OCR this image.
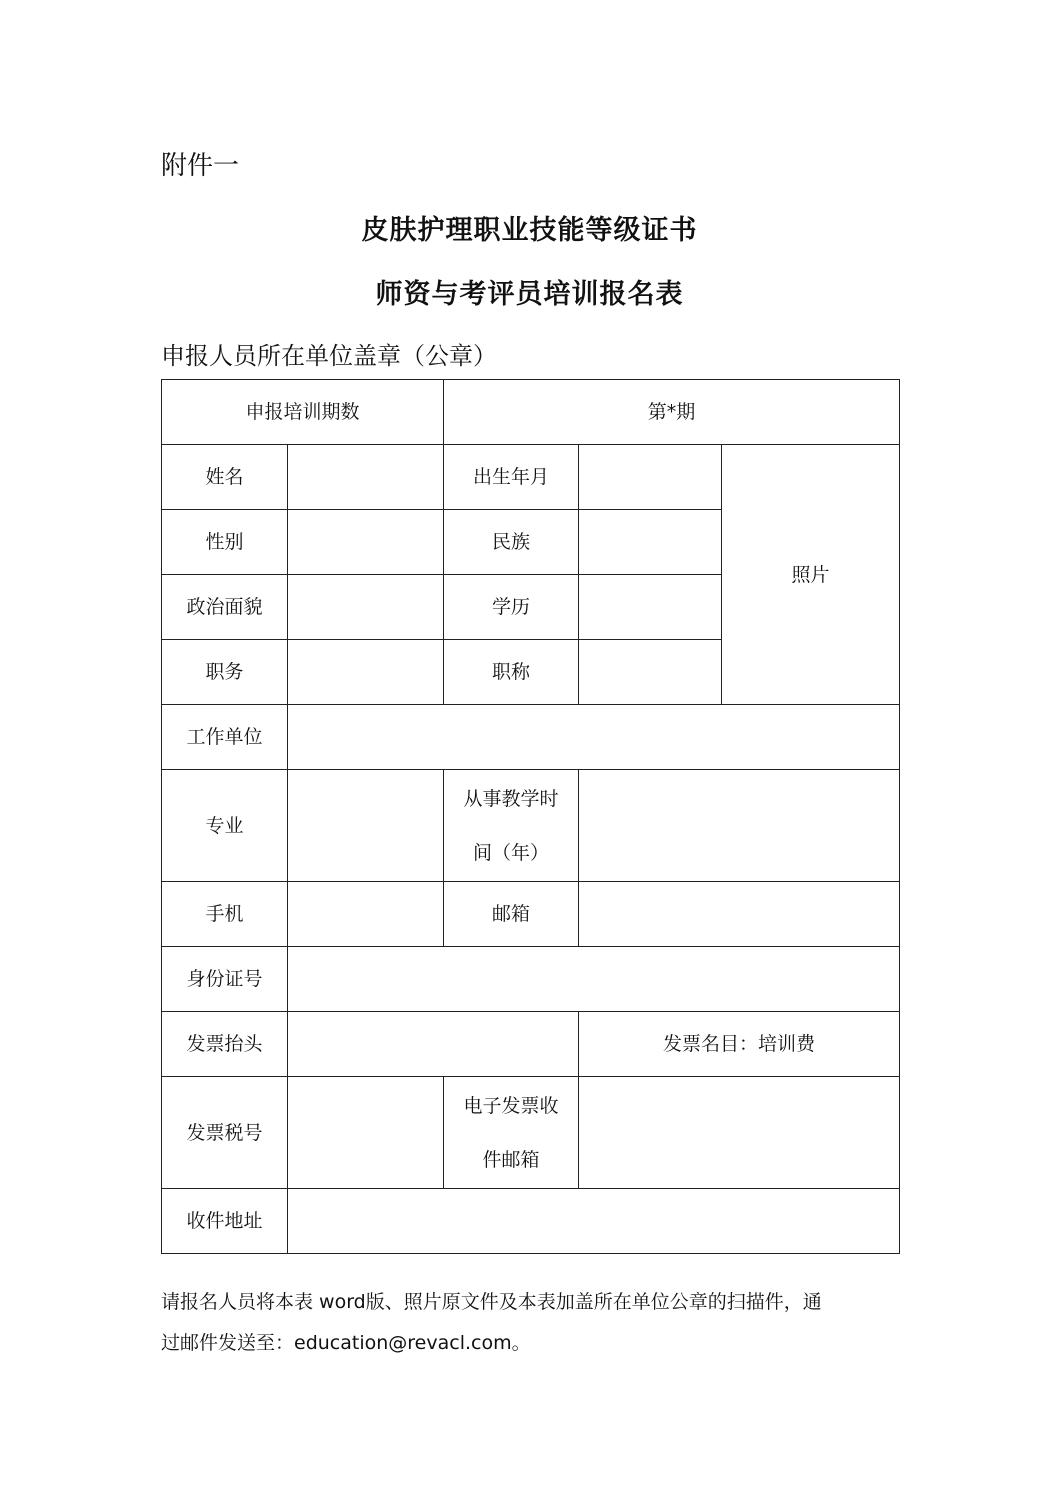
附件一
皮肤护理职业技能等级证书
师资与考评员培训报名表
申报人员所在单位盖章（公章）
申报培训期数		第*期		
姓名		出生年月		照片
性别		民族		
政治面貌		学历		
职务		职称		
工作单位				
专业		从事教学时
间（年）		

手机		邮箱		
身份证号				
发票抬头			发票名目：培训费	
发票税号		电子发票收
件邮箱		

收件地址				
请报名人员将本表 word版、照片原文件及本表加盖所在单位公章的扫描件，通
过邮件发送至：education@revacl.com。
